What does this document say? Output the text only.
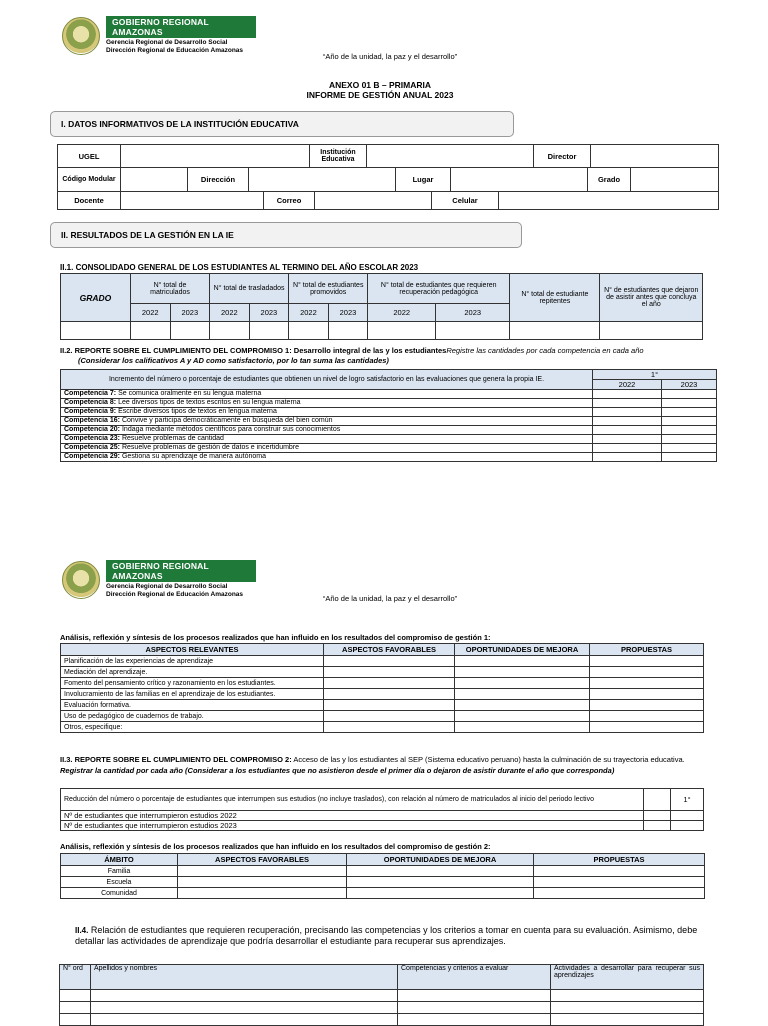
GOBIERNO REGIONAL AMAZONAS
Gerencia Regional de Desarrollo Social
Dirección Regional de Educación Amazonas
“Año de la unidad, la paz y el desarrollo”
ANEXO 01 B – PRIMARIA
INFORME DE GESTIÓN ANUAL 2023
I. DATOS INFORMATIVOS DE LA INSTITUCIÓN EDUCATIVA
UGEL		Institución Educativa		Director	
Código Modular		Dirección		Lugar		Grado	
Docente		Correo		Celular	
II. RESULTADOS DE LA GESTIÓN EN LA IE
II.1. CONSOLIDADO GENERAL DE LOS ESTUDIANTES AL TERMINO DEL AÑO ESCOLAR 2023
GRADO	N° total de matriculados		N° total de trasladados		N° total de estudiantes promovidos		N° total de estudiantes que requieren recuperación pedagógica		N° total de estudiante repitentes	N° de estudiantes que dejaron de asistir antes que concluya el año
	2022	2023	2022	2023	2022	2023	2022	2023		

II.2. REPORTE SOBRE EL CUMPLIMIENTO DEL COMPROMISO 1: Desarrollo integral de las y los estudiantesRegistre las cantidades por cada competencia en cada año
(Considerar los calificativos A y AD como satisfactorio, por lo tan suma las cantidades)
Incremento del número o porcentaje de estudiantes que obtienen un nivel de logro satisfactorio en las evaluaciones que genera la propia IE.	1°	
	2022	2023
Competencia 7: Se comunica oralmente en su lengua materna		
Competencia 8: Lee diversos tipos de textos escritos en su lengua materna		
Competencia 9: Escribe diversos tipos de textos en lengua materna		
Competencia 16: Convive y participa democráticamente en búsqueda del bien común		
Competencia 20: Indaga mediante métodos científicos para construir sus conocimientos		
Competencia 23: Resuelve problemas de cantidad		
Competencia 25: Resuelve problemas de gestión de datos e incertidumbre		
Competencia 29: Gestiona su aprendizaje de manera autónoma		
GOBIERNO REGIONAL AMAZONAS
Gerencia Regional de Desarrollo Social
Dirección Regional de Educación Amazonas	“Año de la unidad, la paz y el desarrollo”
Análisis, reflexión y síntesis de los procesos realizados que han influido en los resultados del compromiso de gestión 1:
ASPECTOS RELEVANTES	ASPECTOS FAVORABLES	OPORTUNIDADES DE MEJORA	PROPUESTAS
Planificación de las experiencias de aprendizaje			
Mediación del aprendizaje.			
Fomento del pensamiento crítico y razonamiento en los estudiantes.			
Involucramiento de las familias en el aprendizaje de los estudiantes.			
Evaluación formativa.			
Uso de pedagógico de cuadernos de trabajo.			
Otros, especifique:			
II.3. REPORTE SOBRE EL CUMPLIMIENTO DEL COMPROMISO 2: Acceso de las y los estudiantes al SEP (Sistema educativo peruano) hasta la culminación de su trayectoria educativa. Registrar la cantidad por cada año (Considerar a los estudiantes que no asistieron desde el primer día o dejaron de asistir durante el año que corresponda)
Reducción del número o porcentaje de estudiantes que interrumpen sus estudios (no incluye traslados), con relación al número de matriculados al inicio del periodo lectivo		1°
Nº de estudiantes que interrumpieron estudios 2022		
Nº de estudiantes que interrumpieron estudios 2023		
Análisis, reflexión y síntesis de los procesos realizados que han influido en los resultados del compromiso de gestión 2:
ÁMBITO	ASPECTOS FAVORABLES	OPORTUNIDADES DE MEJORA	PROPUESTAS
Familia			
Escuela			
Comunidad			
II.4. Relación de estudiantes que requieren recuperación, precisando las competencias y los criterios a tomar en cuenta para su evaluación. Asimismo, debe detallar las actividades de aprendizaje que podría desarrollar el estudiante para recuperar sus aprendizajes.
N° ord	Apellidos y nombres	Competencias y criterios a evaluar	Actividades a desarrollar para recuperar sus aprendizajes
